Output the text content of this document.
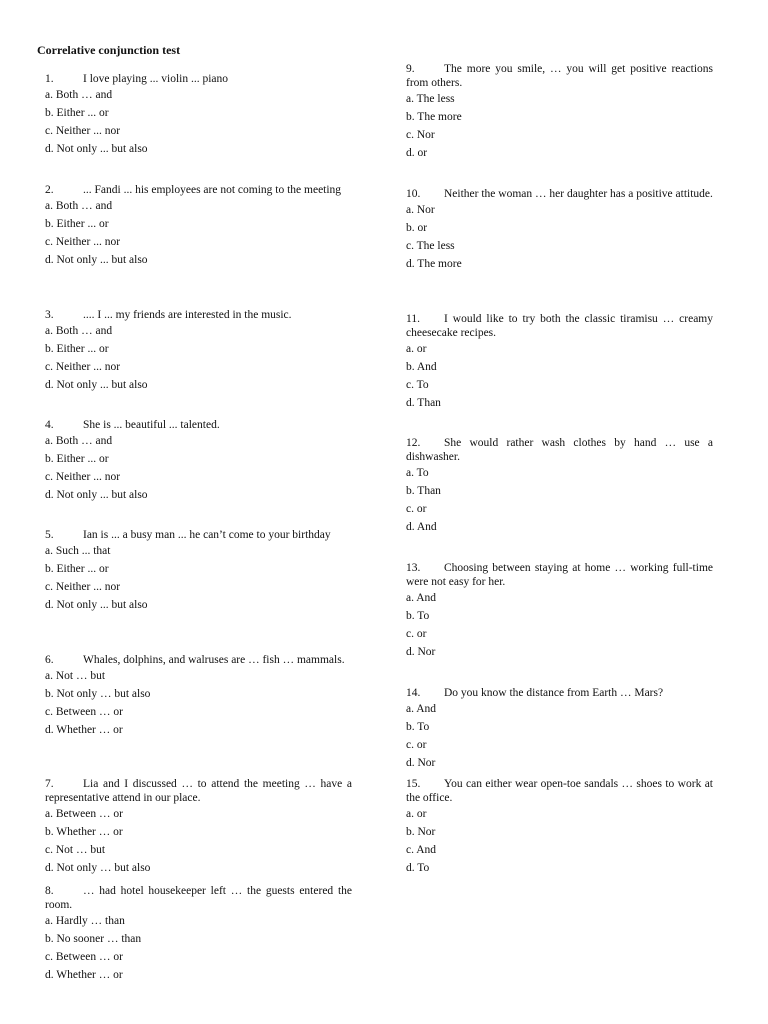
Correlative conjunction test
1.	I love playing ... violin ... piano
a. Both … and
b. Either ... or
c. Neither ... nor
d. Not only ... but also
2.	... Fandi ... his employees are not coming to the meeting
a. Both … and
b. Either ... or
c. Neither ... nor
d. Not only ... but also
3.	.... I ... my friends are interested in the music.
a. Both … and
b. Either ... or
c. Neither ... nor
d. Not only ... but also
4.	She is ... beautiful ... talented.
a. Both … and
b. Either ... or
c. Neither ... nor
d. Not only ... but also
5.	Ian is ... a busy man ... he can’t come to your birthday
a. Such ... that
b. Either ... or
c. Neither ... nor
d. Not only ... but also
6.	Whales, dolphins, and walruses are … fish … mammals.
a. Not … but
b. Not only … but also
c. Between … or
d. Whether … or
7.	Lia and I discussed … to attend the meeting … have a representative attend in our place.
a. Between … or
b. Whether … or
c. Not … but
d. Not only … but also
8.	… had hotel housekeeper left … the guests entered the room.
a. Hardly … than
b. No sooner … than
c. Between … or
d. Whether … or
9.	The more you smile, … you will get positive reactions from others.
a. The less
b. The more
c. Nor
d. or
10. Neither the woman … her daughter has a positive attitude.
a. Nor
b. or
c. The less
d. The more
11. I would like to try both the classic tiramisu … creamy cheesecake recipes.
a. or
b. And
c. To
d. Than
12. She would rather wash clothes by hand … use a dishwasher.
a. To
b. Than
c. or
d. And
13. Choosing between staying at home … working full-time were not easy for her.
a. And
b. To
c. or
d. Nor
14. Do you know the distance from Earth … Mars?
a. And
b. To
c. or
d. Nor
15. You can either wear open-toe sandals … shoes to work at the office.
a. or
b. Nor
c. And
d. To
